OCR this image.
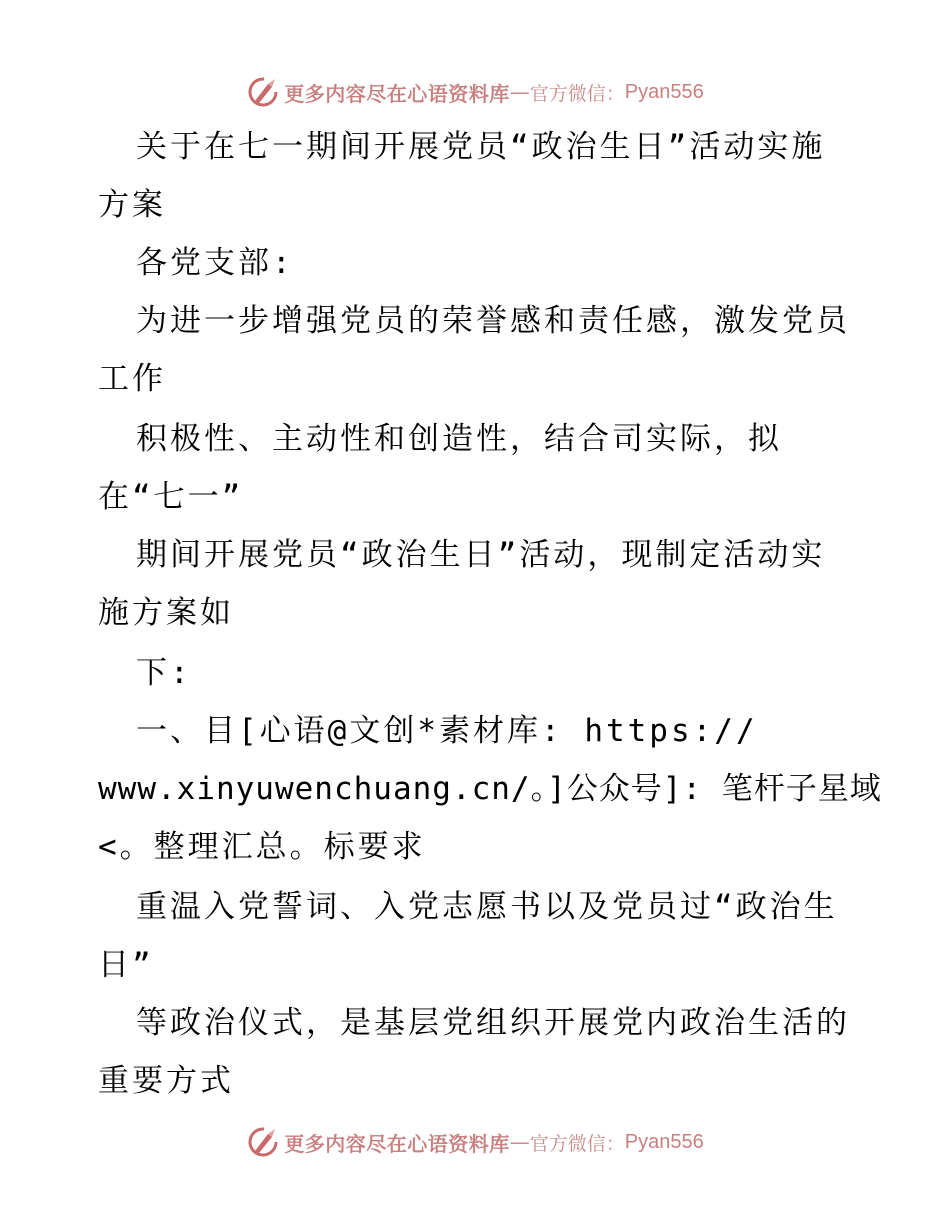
更多内容尽在心语资料库 — 官方微信： Pyan556
关于在七一期间开展党员“政治生日”活动实施
方案
各党支部:
为进一步增强党员的荣誉感和责任感，激发党员
工作
积极性、主动性和创造性，结合司实际，拟
在“七一”
期间开展党员“政治生日”活动，现制定活动实
施方案如
下:
一、目[心语@文创*素材库: https://
www.xinyuwenchuang.cn/。]公众号]: 笔杆子星域
<。整理汇总。标要求
重温入党誓词、入党志愿书以及党员过“政治生
日”
等政治仪式，是基层党组织开展党内政治生活的
重要方式
更多内容尽在心语资料库 — 官方微信： Pyan556
